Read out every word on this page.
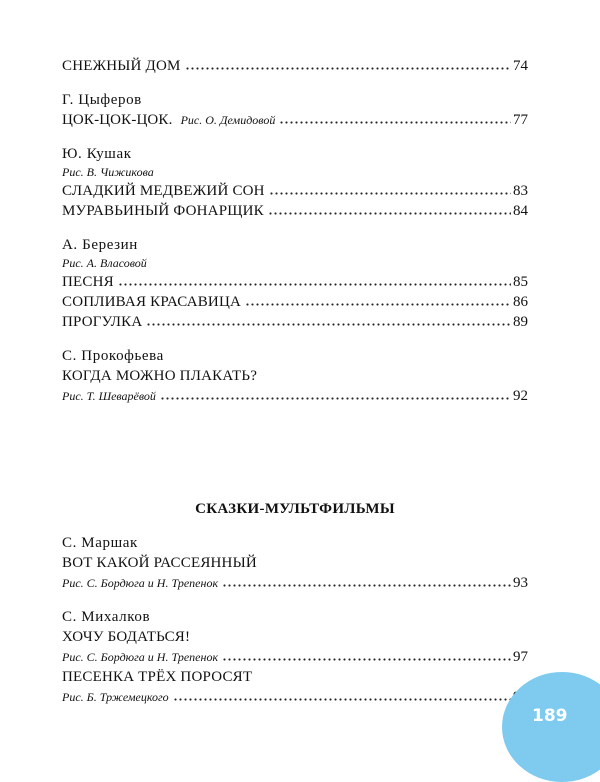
СНЕЖНЫЙ ДОМ	74
Г. Цыферов
ЦОК-ЦОК-ЦОК. Рис. О. Демидовой	77
Ю. Кушак
Рис. В. Чижикова
СЛАДКИЙ МЕДВЕЖИЙ СОН	83
МУРАВЬИНЫЙ ФОНАРЩИК	84
А. Березин
Рис. А. Власовой
ПЕСНЯ	85
СОПЛИВАЯ КРАСАВИЦА	86
ПРОГУЛКА	89
С. Прокофьева
КОГДА МОЖНО ПЛАКАТЬ?
Рис. Т. Шеварёвой	92
СКАЗКИ-МУЛЬТФИЛЬМЫ
С. Маршак
ВОТ КАКОЙ РАССЕЯННЫЙ
Рис. С. Бордюга и Н. Трепенок	93
С. Михалков
ХОЧУ БОДАТЬСЯ!
Рис. С. Бордюга и Н. Трепенок	97
ПЕСЕНКА ТРЁХ ПОРОСЯТ
Рис. Б. Тржемецкого
189
